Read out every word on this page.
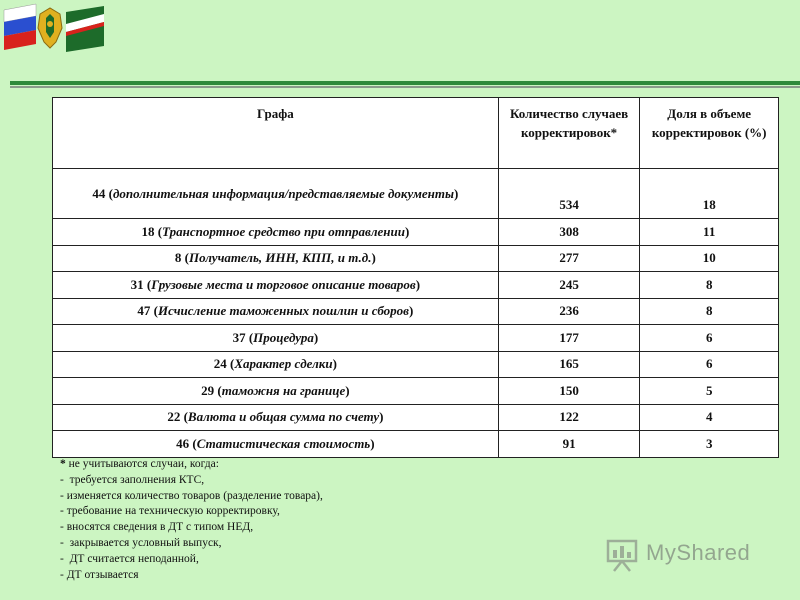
Графа	Количество случаев корректировок*	Доля в объеме корректировок (%)
44 (дополнительная информация/представляемые документы)	534	18
18 (Транспортное средство при отправлении)	308	11
8 (Получатель, ИНН, КПП, и т.д.)	277	10
31 (Грузовые места и торговое описание товаров)	245	8
47 (Исчисление таможенных пошлин и сборов)	236	8
37 (Процедура)	177	6
24 (Характер сделки)	165	6
29 (таможня на границе)	150	5
22 (Валюта и общая сумма по счету)	122	4
46 (Статистическая стоимость)	91	3
* не учитываются случаи, когда:
-  требуется заполнения КТС,
- изменяется количество товаров (разделение товара),
- требование на техническую корректировку,
- вносятся сведения в ДТ с типом НЕД,
-  закрывается условный выпуск,
-  ДТ считается неподанной,
- ДТ отзывается
MyShared
